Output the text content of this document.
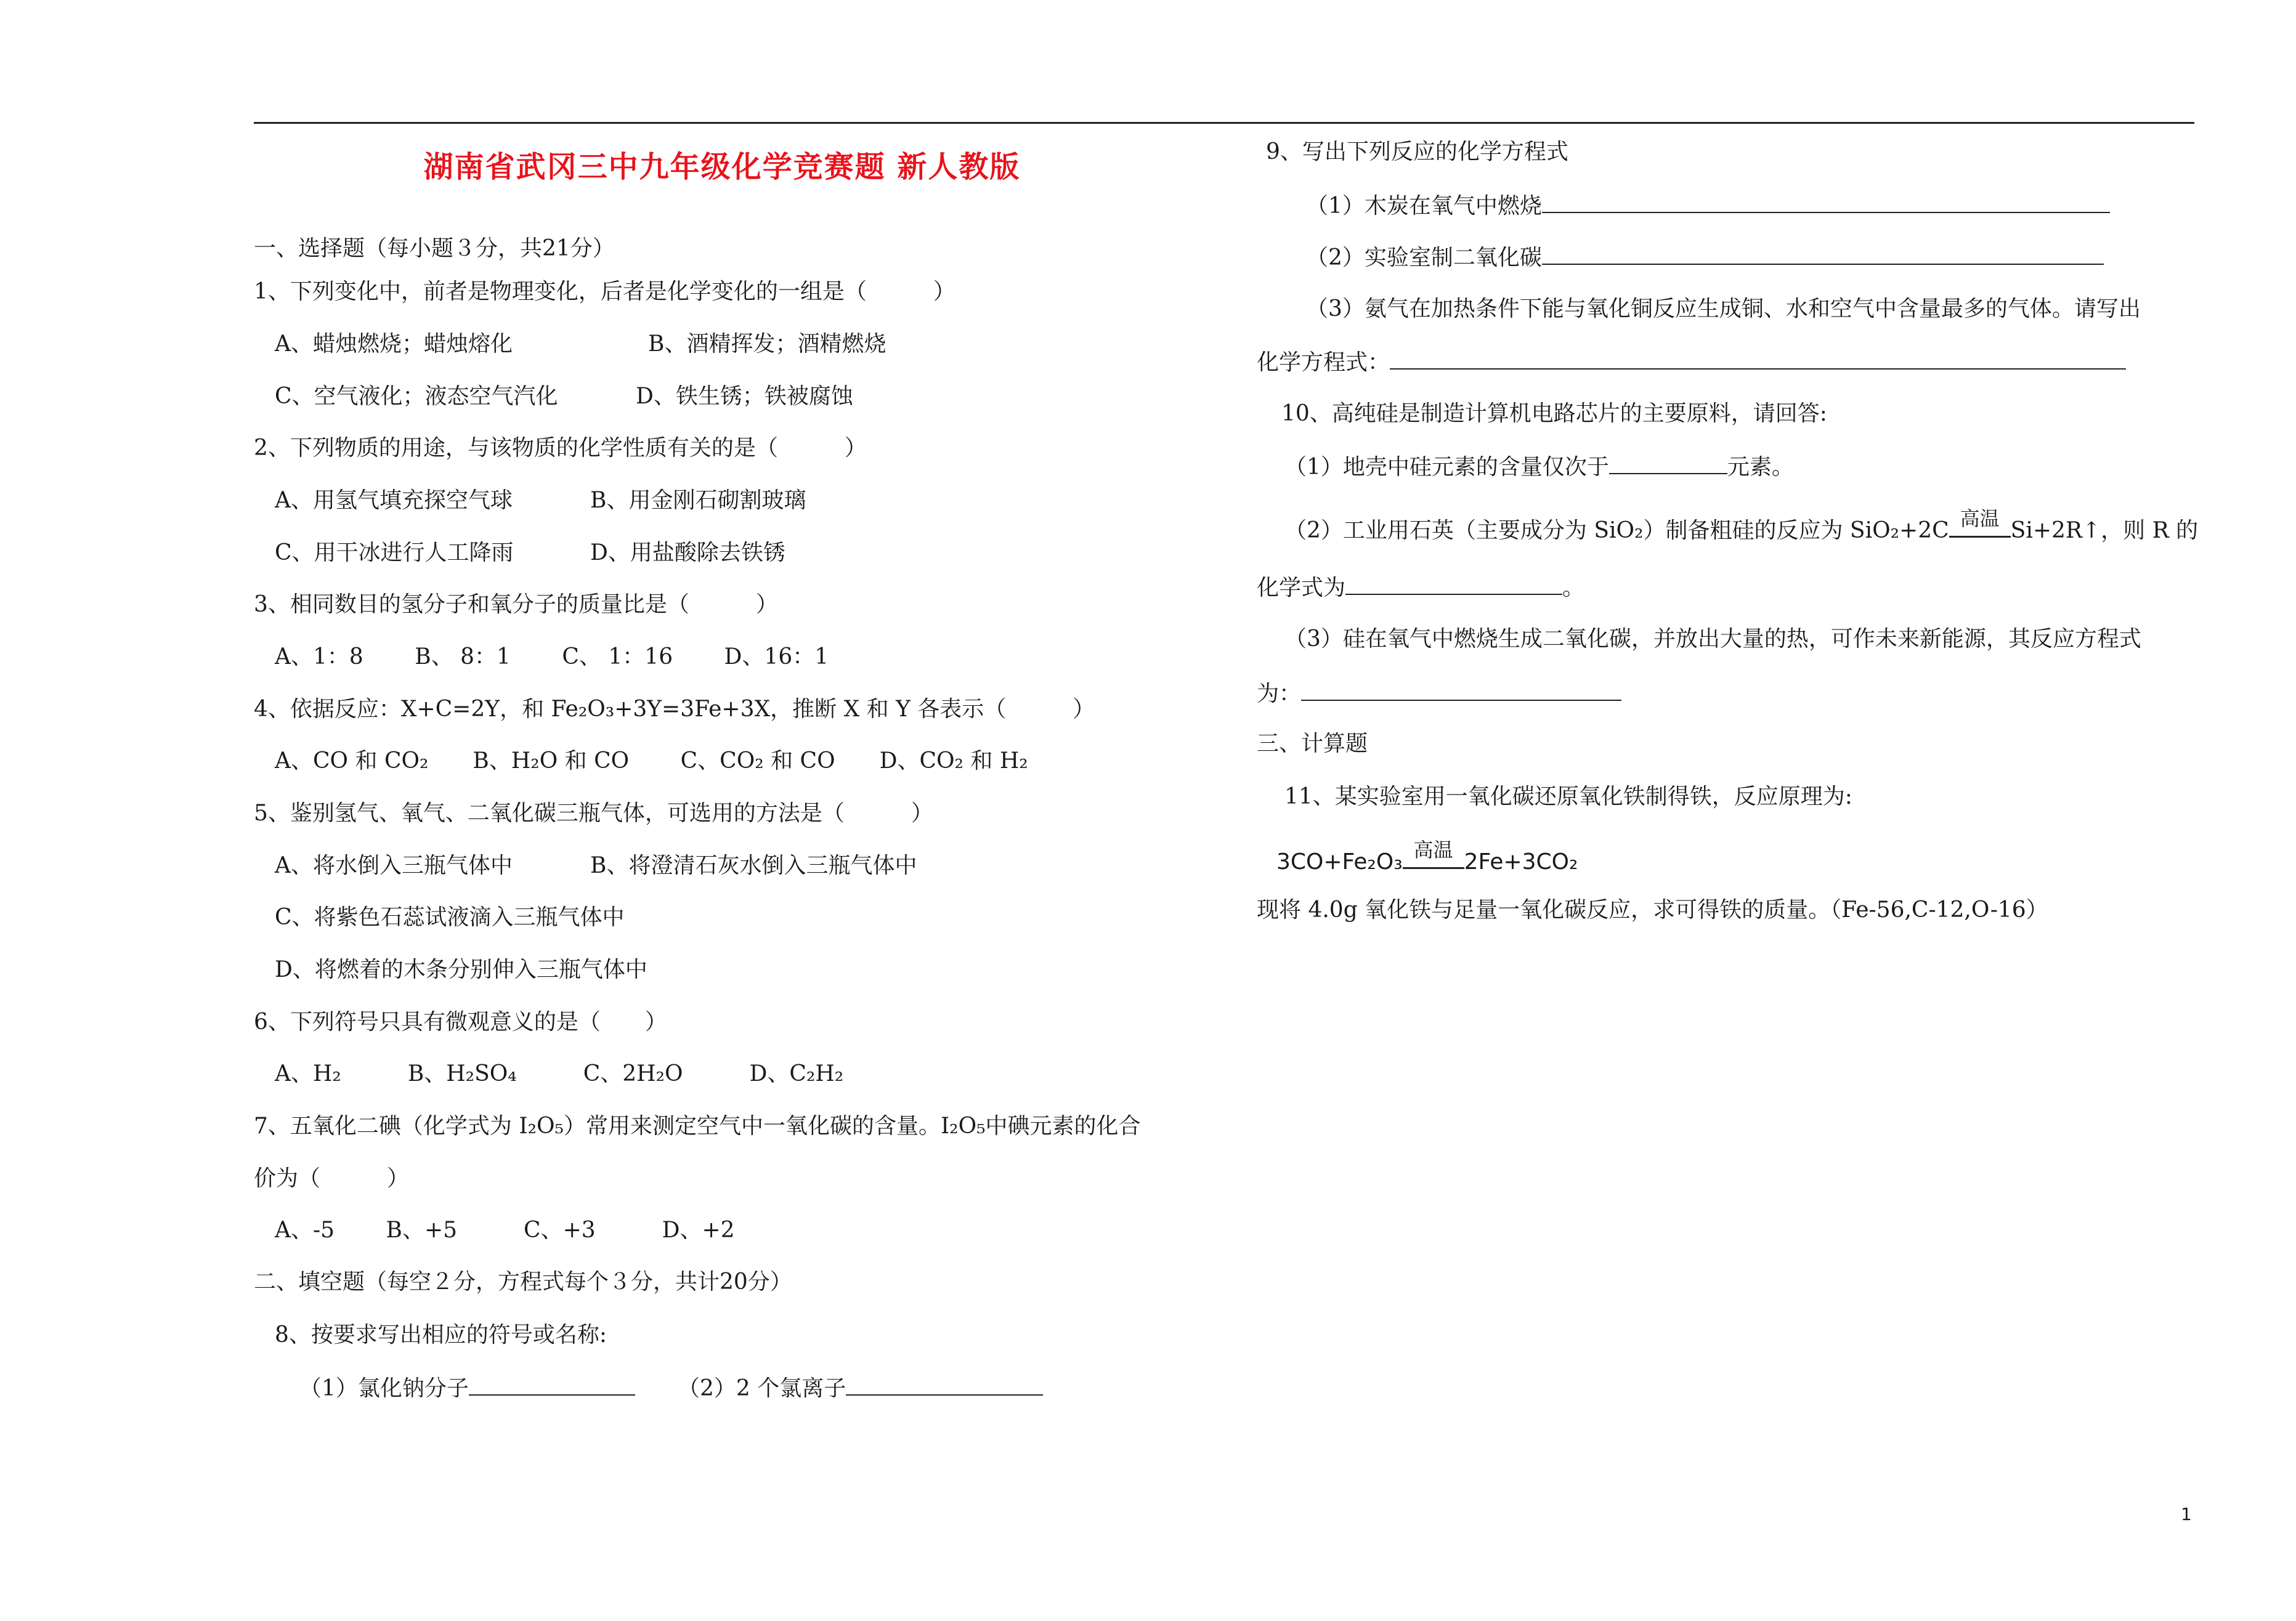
湖南省武冈三中九年级化学竞赛题 新人教版
一、选择题（每小题３分，共21分）
1、下列变化中，前者是物理变化，后者是化学变化的一组是（　　　）
A、蜡烛燃烧；蜡烛熔化	B、酒精挥发；酒精燃烧
C、空气液化；液态空气汽化	D、铁生锈；铁被腐蚀
2、下列物质的用途，与该物质的化学性质有关的是（　　　）
A、用氢气填充探空气球	B、用金刚石砌割玻璃
C、用干冰进行人工降雨	D、用盐酸除去铁锈
3、相同数目的氢分子和氧分子的质量比是（　　　）
A、1：8　　 B、 8：1　　 C、 1：16　　 D、16：1
4、依据反应：X+C=2Y，和 Fe₂O₃+3Y=3Fe+3X，推断 X 和 Y 各表示（　　　）
A、CO 和 CO₂　　B、H₂O 和 CO　　 C、CO₂ 和 CO　　D、CO₂ 和 H₂
5、鉴别氢气、氧气、二氧化碳三瓶气体，可选用的方法是（　　　）
A、将水倒入三瓶气体中	B、将澄清石灰水倒入三瓶气体中
C、将紫色石蕊试液滴入三瓶气体中
D、将燃着的木条分别伸入三瓶气体中
6、下列符号只具有微观意义的是（　　）
A、H₂　　　B、H₂SO₄　　　C、2H₂O　　　D、C₂H₂
7、五氧化二碘（化学式为 I₂O₅）常用来测定空气中一氧化碳的含量。I₂O₅中碘元素的化合
价为（　　　）
A、-5　　 B、+5　　　C、+3　　　D、+2
二、填空题（每空２分，方程式每个３分，共计20分）
8、按要求写出相应的符号或名称:
（1）氯化钠分子	（2）2 个氯离子
9、写出下列反应的化学方程式
（1）木炭在氧气中燃烧
（2）实验室制二氧化碳
（3）氨气在加热条件下能与氧化铜反应生成铜、水和空气中含量最多的气体。请写出
化学方程式：
10、高纯硅是制造计算机电路芯片的主要原料，请回答:
（1）地壳中硅元素的含量仅次于	元素。
（2）工业用石英（主要成分为 SiO₂）制备粗硅的反应为 SiO₂+2C 高温 Si+2R↑，则 R 的
化学式为	。
（3）硅在氧气中燃烧生成二氧化碳，并放出大量的热，可作未来新能源，其反应方程式
为：
三、计算题
11、某实验室用一氧化碳还原氧化铁制得铁，反应原理为:
3CO+Fe₂O₃ 高温 2Fe+3CO₂
现将 4.0g 氧化铁与足量一氧化碳反应，求可得铁的质量。（Fe-56,C-12,O-16）
1
